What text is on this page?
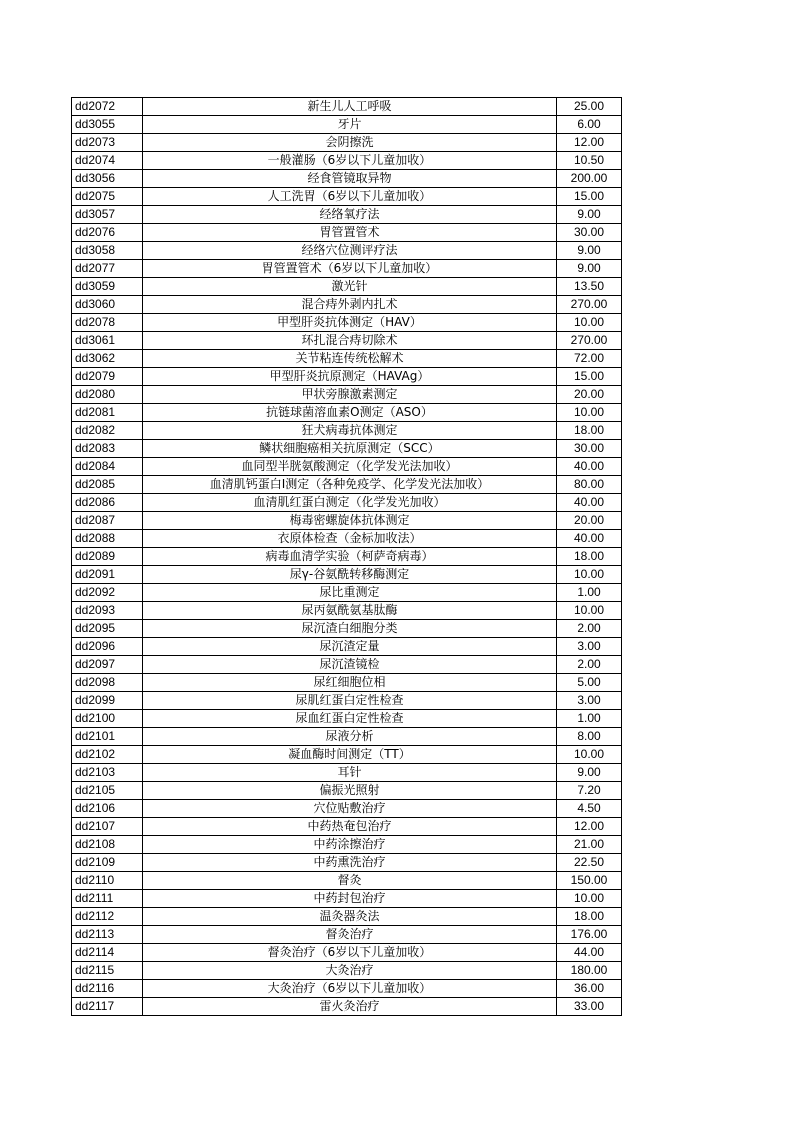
dd2072	新生儿人工呼吸	25.00
dd3055	牙片	6.00
dd2073	会阴擦洗	12.00
dd2074	一般灌肠（6岁以下儿童加收）	10.50
dd3056	经食管镜取异物	200.00
dd2075	人工洗胃（6岁以下儿童加收）	15.00
dd3057	经络氧疗法	9.00
dd2076	胃管置管术	30.00
dd3058	经络穴位测评疗法	9.00
dd2077	胃管置管术（6岁以下儿童加收）	9.00
dd3059	激光针	13.50
dd3060	混合痔外剥内扎术	270.00
dd2078	甲型肝炎抗体测定（HAV）	10.00
dd3061	环扎混合痔切除术	270.00
dd3062	关节粘连传统松解术	72.00
dd2079	甲型肝炎抗原测定（HAVAg）	15.00
dd2080	甲状旁腺激素测定	20.00
dd2081	抗链球菌溶血素O测定（ASO）	10.00
dd2082	狂犬病毒抗体测定	18.00
dd2083	鳞状细胞癌相关抗原测定（SCC）	30.00
dd2084	血同型半胱氨酸测定（化学发光法加收）	40.00
dd2085	血清肌钙蛋白I测定（各种免疫学、化学发光法加收）	80.00
dd2086	血清肌红蛋白测定（化学发光加收）	40.00
dd2087	梅毒密螺旋体抗体测定	20.00
dd2088	衣原体检查（金标加收法）	40.00
dd2089	病毒血清学实验（柯萨奇病毒）	18.00
dd2091	尿γ-谷氨酰转移酶测定	10.00
dd2092	尿比重测定	1.00
dd2093	尿丙氨酰氨基肽酶	10.00
dd2095	尿沉渣白细胞分类	2.00
dd2096	尿沉渣定量	3.00
dd2097	尿沉渣镜检	2.00
dd2098	尿红细胞位相	5.00
dd2099	尿肌红蛋白定性检查	3.00
dd2100	尿血红蛋白定性检查	1.00
dd2101	尿液分析	8.00
dd2102	凝血酶时间测定（TT）	10.00
dd2103	耳针	9.00
dd2105	偏振光照射	7.20
dd2106	穴位贴敷治疗	4.50
dd2107	中药热奄包治疗	12.00
dd2108	中药涂擦治疗	21.00
dd2109	中药熏洗治疗	22.50
dd2110	督灸	150.00
dd2111	中药封包治疗	10.00
dd2112	温灸器灸法	18.00
dd2113	督灸治疗	176.00
dd2114	督灸治疗（6岁以下儿童加收）	44.00
dd2115	大灸治疗	180.00
dd2116	大灸治疗（6岁以下儿童加收）	36.00
dd2117	雷火灸治疗	33.00
